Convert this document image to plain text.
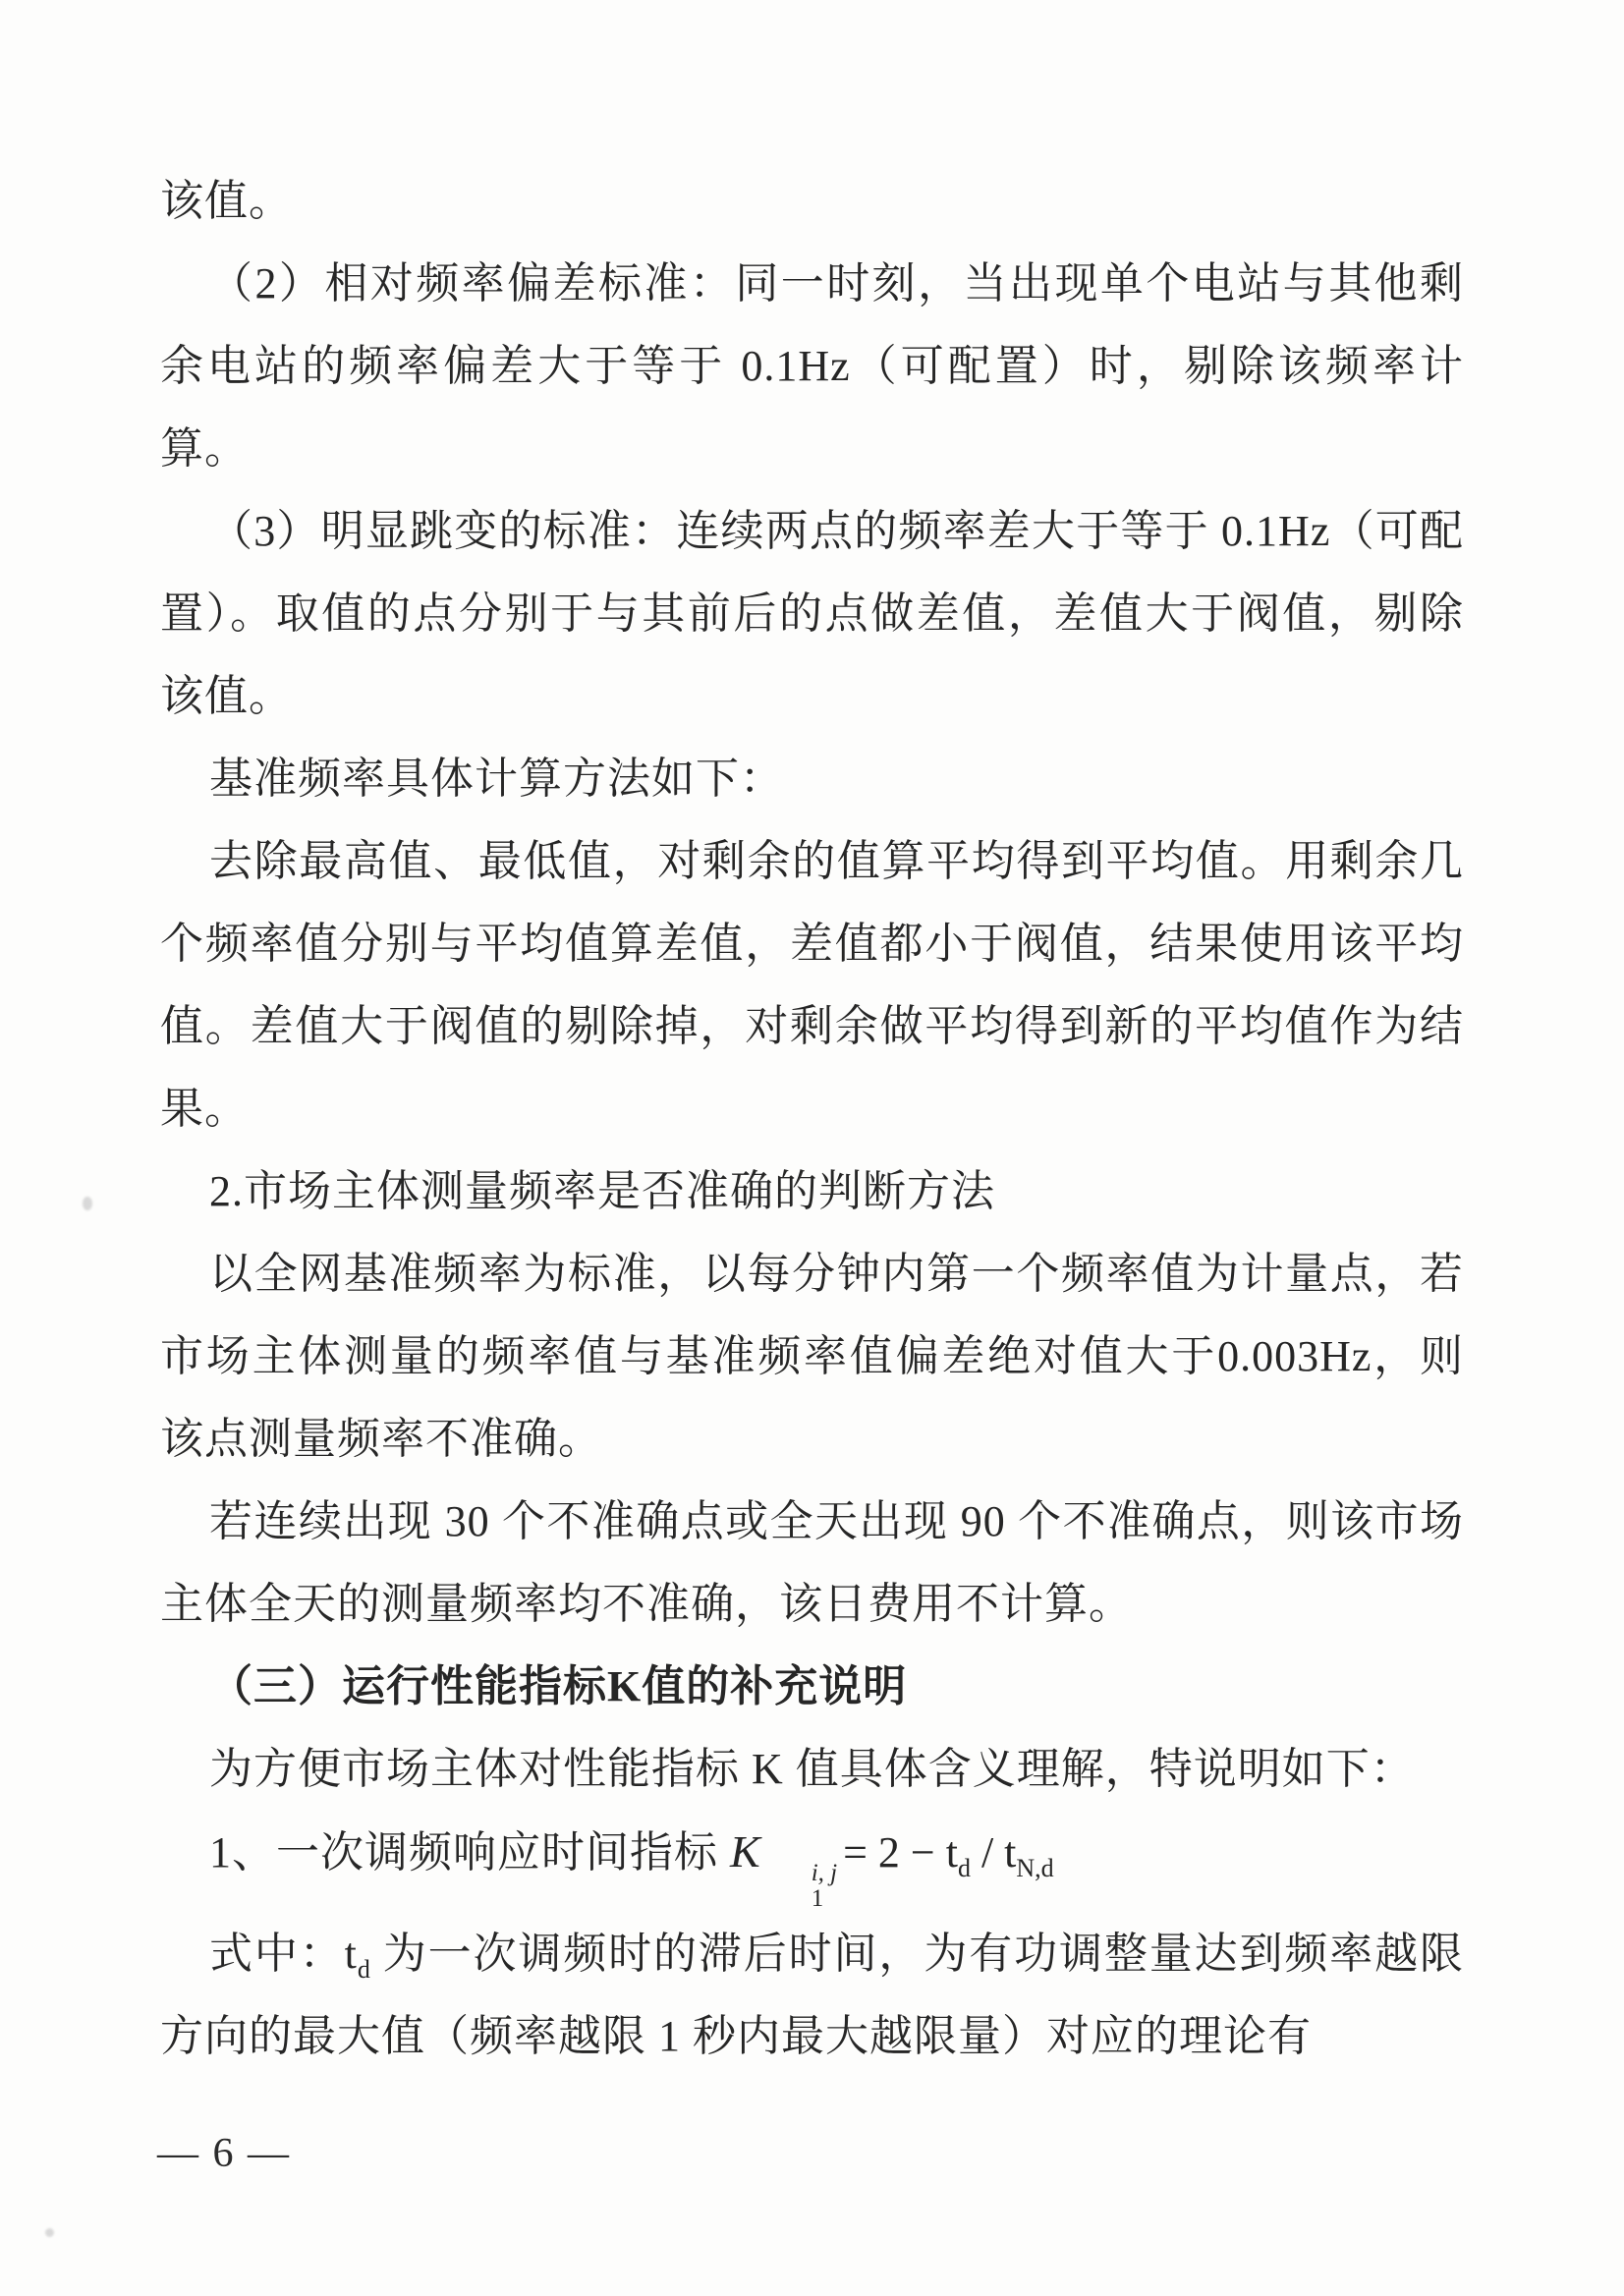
该值。

（2）相对频率偏差标准：同一时刻，当出现单个电站与其他剩余电站的频率偏差大于等于 0.1Hz（可配置）时，剔除该频率计算。

（3）明显跳变的标准：连续两点的频率差大于等于 0.1Hz（可配置）。取值的点分别于与其前后的点做差值，差值大于阀值，剔除该值。

基准频率具体计算方法如下：

去除最高值、最低值，对剩余的值算平均得到平均值。用剩余几个频率值分别与平均值算差值，差值都小于阀值，结果使用该平均值。差值大于阀值的剔除掉，对剩余做平均得到新的平均值作为结果。

2.市场主体测量频率是否准确的判断方法

以全网基准频率为标准，以每分钟内第一个频率值为计量点，若市场主体测量的频率值与基准频率值偏差绝对值大于0.003Hz，则该点测量频率不准确。

若连续出现 30 个不准确点或全天出现 90 个不准确点，则该市场主体全天的测量频率均不准确，该日费用不计算。

（三）运行性能指标K值的补充说明

为方便市场主体对性能指标 K 值具体含义理解，特说明如下：

1、一次调频响应时间指标 K	i, j
1
= $2 - t_d / t_{N,d}$

式中：$t_d$ 为一次调频时的滞后时间，为有功调整量达到频率越限方向的最大值（频率越限 1 秒内最大越限量）对应的理论有

— 6 —
